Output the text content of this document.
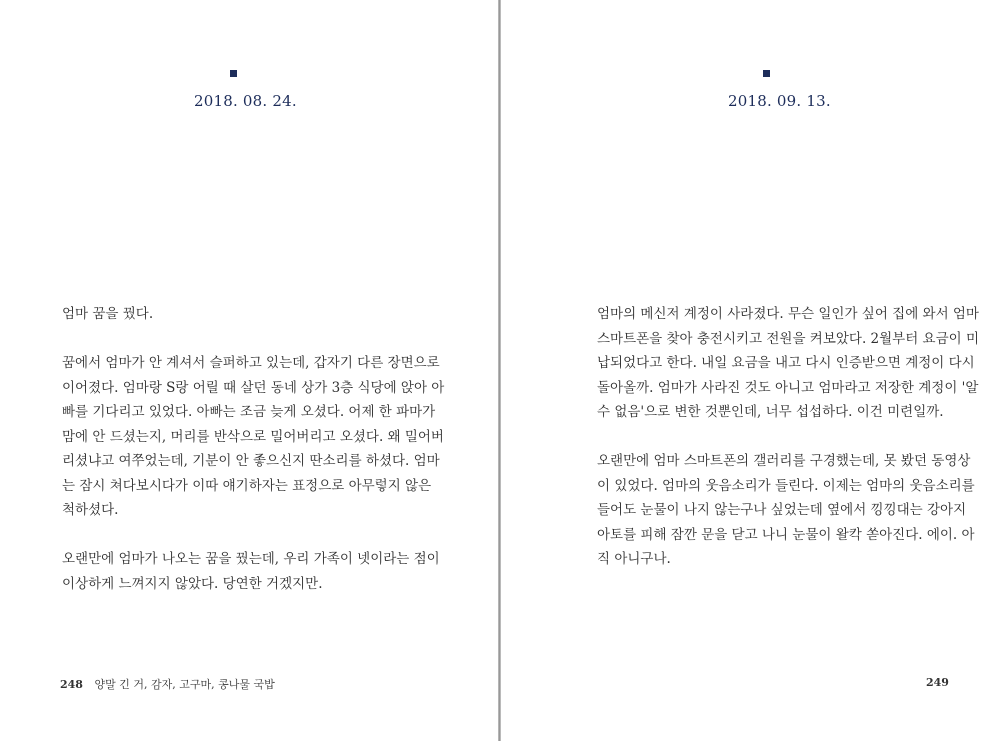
2018. 08. 24.
엄마 꿈을 꿨다.
꿈에서 엄마가 안 계셔서 슬퍼하고 있는데, 갑자기 다른 장면으로
이어졌다. 엄마랑 S랑 어릴 때 살던 동네 상가 3층 식당에 앉아 아
빠를 기다리고 있었다. 아빠는 조금 늦게 오셨다. 어제 한 파마가
맘에 안 드셨는지, 머리를 반삭으로 밀어버리고 오셨다. 왜 밀어버
리셨냐고 여쭈었는데, 기분이 안 좋으신지 딴소리를 하셨다. 엄마
는 잠시 쳐다보시다가 이따 얘기하자는 표정으로 아무렇지 않은
척하셨다.
오랜만에 엄마가 나오는 꿈을 꿨는데, 우리 가족이 넷이라는 점이
이상하게 느껴지지 않았다. 당연한 거겠지만.
248 양말 긴 거, 감자, 고구마, 콩나물 국밥
2018. 09. 13.
엄마의 메신저 계정이 사라졌다. 무슨 일인가 싶어 집에 와서 엄마
스마트폰을 찾아 충전시키고 전원을 켜보았다. 2월부터 요금이 미
납되었다고 한다. 내일 요금을 내고 다시 인증받으면 계정이 다시
돌아올까. 엄마가 사라진 것도 아니고 엄마라고 저장한 계정이 '알
수 없음'으로 변한 것뿐인데, 너무 섭섭하다. 이건 미련일까.
오랜만에 엄마 스마트폰의 갤러리를 구경했는데, 못 봤던 동영상
이 있었다. 엄마의 웃음소리가 들린다. 이제는 엄마의 웃음소리를
들어도 눈물이 나지 않는구나 싶었는데 옆에서 낑낑대는 강아지
아토를 피해 잠깐 문을 닫고 나니 눈물이 왈칵 쏟아진다. 에이. 아
직 아니구나.
249
